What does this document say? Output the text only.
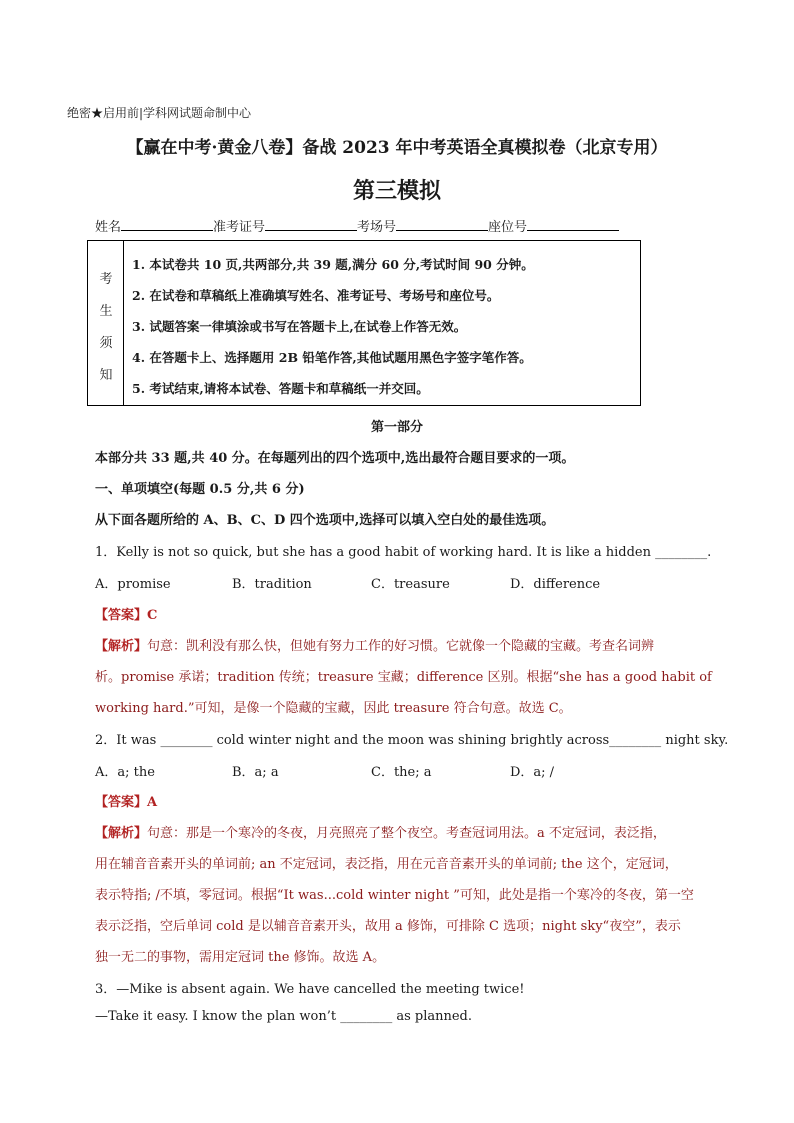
绝密★启用前|学科网试题命制中心
【赢在中考·黄金八卷】备战 2023 年中考英语全真模拟卷（北京专用）
第三模拟
姓名	准考证号	考场号	座位号
考
生
须
知
1. 本试卷共 10 页,共两部分,共 39 题,满分 60 分,考试时间 90 分钟。
2. 在试卷和草稿纸上准确填写姓名、准考证号、考场号和座位号。
3. 试题答案一律填涂或书写在答题卡上,在试卷上作答无效。
4. 在答题卡上、选择题用 2B 铅笔作答,其他试题用黑色字签字笔作答。
5. 考试结束,请将本试卷、答题卡和草稿纸一并交回。
第一部分
本部分共 33 题,共 40 分。在每题列出的四个选项中,选出最符合题目要求的一项。
一、单项填空(每题 0.5 分,共 6 分)
从下面各题所给的 A、B、C、D 四个选项中,选择可以填入空白处的最佳选项。
1．Kelly is not so quick, but she has a good habit of working hard. It is like a hidden ________.
A．promise	B．tradition	C．treasure	D．difference
【答案】C
【解析】句意：凯利没有那么快，但她有努力工作的好习惯。它就像一个隐藏的宝藏。考查名词辨
析。promise 承诺；tradition 传统；treasure 宝藏；difference 区别。根据“she has a good habit of
working hard.”可知，是像一个隐藏的宝藏，因此 treasure 符合句意。故选 C。
2．It was ________ cold winter night and the moon was shining brightly across________ night sky.
A．a; the	B．a; a	C．the; a	D．a; /
【答案】A
【解析】句意：那是一个寒冷的冬夜，月亮照亮了整个夜空。考查冠词用法。a 不定冠词，表泛指，
用在辅音音素开头的单词前; an 不定冠词，表泛指，用在元音音素开头的单词前; the 这个，定冠词，
表示特指; /不填，零冠词。根据“It was...cold winter night ”可知，此处是指一个寒冷的冬夜，第一空
表示泛指，空后单词 cold 是以辅音音素开头，故用 a 修饰，可排除 C 选项；night sky“夜空”，表示
独一无二的事物，需用定冠词 the 修饰。故选 A。
3．—Mike is absent again. We have cancelled the meeting twice!
—Take it easy. I know the plan won’t ________ as planned.
